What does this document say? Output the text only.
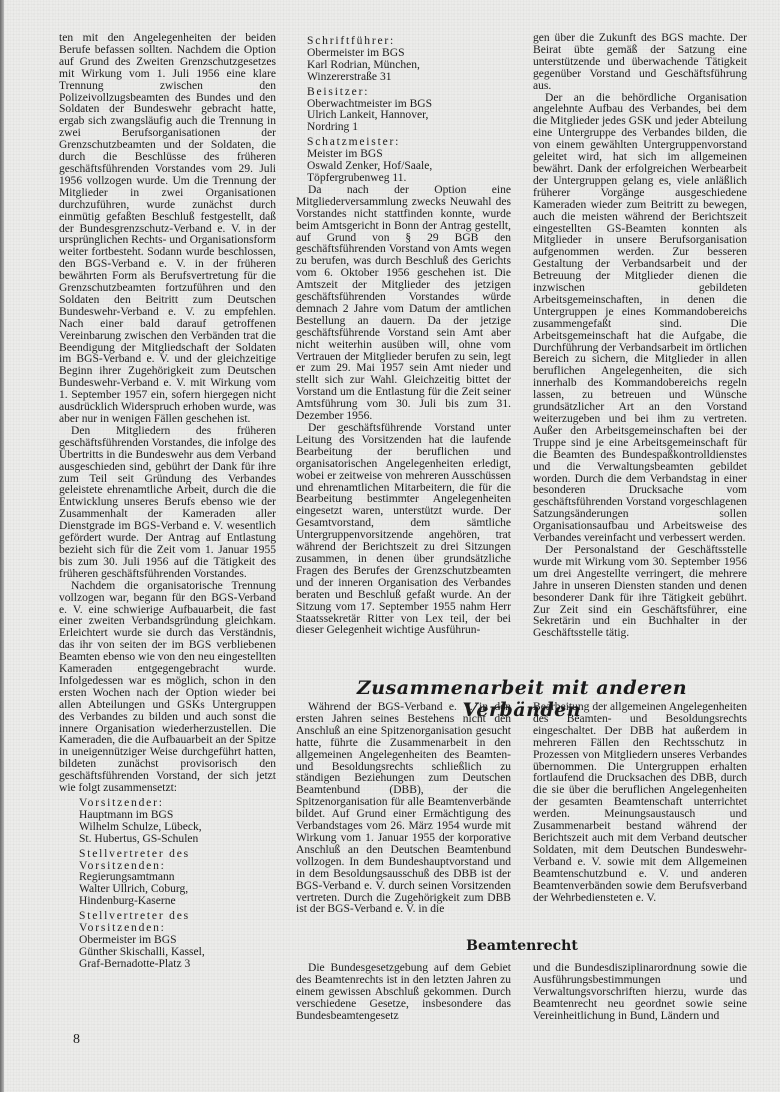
ten mit den Angelegenheiten der beiden Berufe befassen sollten. Nachdem die Option auf Grund des Zweiten Grenzschutzgesetzes mit Wirkung vom 1. Juli 1956 eine klare Trennung zwischen den Polizeivollzugsbeamten des Bundes und den Soldaten der Bundeswehr gebracht hatte, ergab sich zwangsläufig auch die Trennung in zwei Berufsorganisationen der Grenzschutzbeamten und der Soldaten, die durch die Beschlüsse des früheren geschäftsführenden Vorstandes vom 29. Juli 1956 vollzogen wurde. Um die Trennung der Mitglieder in zwei Organisationen durchzuführen, wurde zunächst durch einmütig gefaßten Beschluß festgestellt, daß der Bundesgrenzschutz-Verband e. V. in der ursprünglichen Rechts- und Organisationsform weiter fortbesteht. Sodann wurde beschlossen, den BGS-Verband e. V. in der früheren bewährten Form als Berufsvertretung für die Grenzschutzbeamten fortzuführen und den Soldaten den Beitritt zum Deutschen Bundeswehr-Verband e. V. zu empfehlen. Nach einer bald darauf getroffenen Vereinbarung zwischen den Verbänden trat die Beendigung der Mitgliedschaft der Soldaten im BGS-Verband e. V. und der gleichzeitige Beginn ihrer Zugehörigkeit zum Deutschen Bundeswehr-Verband e. V. mit Wirkung vom 1. September 1957 ein, sofern hiergegen nicht ausdrücklich Widerspruch erhoben wurde, was aber nur in wenigen Fällen geschehen ist.

Den Mitgliedern des früheren geschäftsführenden Vorstandes, die infolge des Übertritts in die Bundeswehr aus dem Verband ausgeschieden sind, gebührt der Dank für ihre zum Teil seit Gründung des Verbandes geleistete ehrenamtliche Arbeit, durch die die Entwicklung unseres Berufs ebenso wie der Zusammenhalt der Kameraden aller Dienstgrade im BGS-Verband e. V. wesentlich gefördert wurde. Der Antrag auf Entlastung bezieht sich für die Zeit vom 1. Januar 1955 bis zum 30. Juli 1956 auf die Tätigkeit des früheren geschäftsführenden Vorstandes.

Nachdem die organisatorische Trennung vollzogen war, begann für den BGS-Verband e. V. eine schwierige Aufbauarbeit, die fast einer zweiten Verbandsgründung gleichkam. Erleichtert wurde sie durch das Verständnis, das ihr von seiten der im BGS verbliebenen Beamten ebenso wie von den neu eingestellten Kameraden entgegengebracht wurde. Infolgedessen war es möglich, schon in den ersten Wochen nach der Option wieder bei allen Abteilungen und GSKs Untergruppen des Verbandes zu bilden und auch sonst die innere Organisation wiederherzustellen. Die Kameraden, die die Aufbauarbeit an der Spitze in uneigennütziger Weise durchgeführt hatten, bildeten zunächst provisorisch den geschäftsführenden Vorstand, der sich jetzt wie folgt zusammensetzt:

Vorsitzender:
Hauptmann im BGS
Wilhelm Schulze, Lübeck,
St. Hubertus, GS-Schulen
Stellvertreter des Vorsitzenden:
Regierungsamtmann
Walter Ullrich, Coburg,
Hindenburg-Kaserne
Stellvertreter des Vorsitzenden:
Obermeister im BGS
Günther Skischalli, Kassel,
Graf-Bernadotte-Platz 3
Schriftführer:
Obermeister im BGS
Karl Rodrian, München,
Winzererstraße 31
Beisitzer:
Oberwachtmeister im BGS
Ulrich Lankeit, Hannover,
Nordring 1
Schatzmeister:
Meister im BGS
Oswald Zenker, Hof/Saale,
Töpfergrubenweg 11.

Da nach der Option eine Mitgliederversammlung zwecks Neuwahl des Vorstandes nicht stattfinden konnte, wurde beim Amtsgericht in Bonn der Antrag gestellt, auf Grund von § 29 BGB den geschäftsführenden Vorstand von Amts wegen zu berufen, was durch Beschluß des Gerichts vom 6. Oktober 1956 geschehen ist. Die Amtszeit der Mitglieder des jetzigen geschäftsführenden Vorstandes würde demnach 2 Jahre vom Datum der amtlichen Bestellung an dauern. Da der jetzige geschäftsführende Vorstand sein Amt aber nicht weiterhin ausüben will, ohne vom Vertrauen der Mitglieder berufen zu sein, legt er zum 29. Mai 1957 sein Amt nieder und stellt sich zur Wahl. Gleichzeitig bittet der Vorstand um die Entlastung für die Zeit seiner Amtsführung vom 30. Juli bis zum 31. Dezember 1956.

Der geschäftsführende Vorstand unter Leitung des Vorsitzenden hat die laufende Bearbeitung der beruflichen und organisatorischen Angelegenheiten erledigt, wobei er zeitweise von mehreren Ausschüssen und ehrenamtlichen Mitarbeitern, die für die Bearbeitung bestimmter Angelegenheiten eingesetzt waren, unterstützt wurde. Der Gesamtvorstand, dem sämtliche Untergruppenvorsitzende angehören, trat während der Berichtszeit zu drei Sitzungen zusammen, in denen über grundsätzliche Fragen des Berufes der Grenzschutzbeamten und der inneren Organisation des Verbandes beraten und Beschluß gefaßt wurde. An der Sitzung vom 17. September 1955 nahm Herr Staatssekretär Ritter von Lex teil, der bei dieser Gelegenheit wichtige Ausführun-

gen über die Zukunft des BGS machte. Der Beirat übte gemäß der Satzung eine unterstützende und überwachende Tätigkeit gegenüber Vorstand und Geschäftsführung aus.

Der an die behördliche Organisation angelehnte Aufbau des Verbandes, bei dem die Mitglieder jedes GSK und jeder Abteilung eine Untergruppe des Verbandes bilden, die von einem gewählten Untergruppenvorstand geleitet wird, hat sich im allgemeinen bewährt. Dank der erfolgreichen Werbearbeit der Untergruppen gelang es, viele anläßlich früherer Vorgänge ausgeschiedene Kameraden wieder zum Beitritt zu bewegen, auch die meisten während der Berichtszeit eingestellten GS-Beamten konnten als Mitglieder in unsere Berufsorganisation aufgenommen werden. Zur besseren Gestaltung der Verbandsarbeit und der Betreuung der Mitglieder dienen die inzwischen gebildeten Arbeitsgemeinschaften, in denen die Untergruppen je eines Kommandobereichs zusammengefaßt sind. Die Arbeitsgemeinschaft hat die Aufgabe, die Durchführung der Verbandsarbeit im örtlichen Bereich zu sichern, die Mitglieder in allen beruflichen Angelegenheiten, die sich innerhalb des Kommandobereichs regeln lassen, zu betreuen und Wünsche grundsätzlicher Art an den Vorstand weiterzugeben und bei ihm zu vertreten. Außer den Arbeitsgemeinschaften bei der Truppe sind je eine Arbeitsgemeinschaft für die Beamten des Bundespaßkontrolldienstes und die Verwaltungsbeamten gebildet worden. Durch die dem Verbandstag in einer besonderen Drucksache vom geschäftsführenden Vorstand vorgeschlagenen Satzungsänderungen sollen Organisationsaufbau und Arbeitsweise des Verbandes vereinfacht und verbessert werden.

Der Personalstand der Geschäftsstelle wurde mit Wirkung vom 30. September 1956 um drei Angestellte verringert, die mehrere Jahre in unseren Diensten standen und denen besonderer Dank für ihre Tätigkeit gebührt. Zur Zeit sind ein Geschäftsführer, eine Sekretärin und ein Buchhalter in der Geschäftsstelle tätig.

Zusammenarbeit mit anderen Verbänden

Während der BGS-Verband e. V. in den ersten Jahren seines Bestehens nicht den Anschluß an eine Spitzenorganisation gesucht hatte, führte die Zusammenarbeit in den allgemeinen Angelegenheiten des Beamten- und Besoldungsrechts schließlich zu ständigen Beziehungen zum Deutschen Beamtenbund (DBB), der die Spitzenorganisation für alle Beamtenverbände bildet. Auf Grund einer Ermächtigung des Verbandstages vom 26. März 1954 wurde mit Wirkung vom 1. Januar 1955 der korporative Anschluß an den Deutschen Beamtenbund vollzogen. In dem Bundeshauptvorstand und in dem Besoldungsausschuß des DBB ist der BGS-Verband e. V. durch seinen Vorsitzenden vertreten. Durch die Zugehörigkeit zum DBB ist der BGS-Verband e. V. in die

Bearbeitung der allgemeinen Angelegenheiten des Beamten- und Besoldungsrechts eingeschaltet. Der DBB hat außerdem in mehreren Fällen den Rechtsschutz in Prozessen von Mitgliedern unseres Verbandes übernommen. Die Untergruppen erhalten fortlaufend die Drucksachen des DBB, durch die sie über die beruflichen Angelegenheiten der gesamten Beamtenschaft unterrichtet werden. Meinungsaustausch und Zusammenarbeit bestand während der Berichtszeit auch mit dem Verband deutscher Soldaten, mit dem Deutschen Bundeswehr-Verband e. V. sowie mit dem Allgemeinen Beamtenschutzbund e. V. und anderen Beamtenverbänden sowie dem Berufsverband der Wehrbediensteten e. V.

Beamtenrecht

Die Bundesgesetzgebung auf dem Gebiet des Beamtenrechts ist in den letzten Jahren zu einem gewissen Abschluß gekommen. Durch verschiedene Gesetze, insbesondere das Bundesbeamtengesetz

und die Bundesdisziplinarordnung sowie die Ausführungsbestimmungen und Verwaltungsvorschriften hierzu, wurde das Beamtenrecht neu geordnet sowie seine Vereinheitlichung in Bund, Ländern und

8
